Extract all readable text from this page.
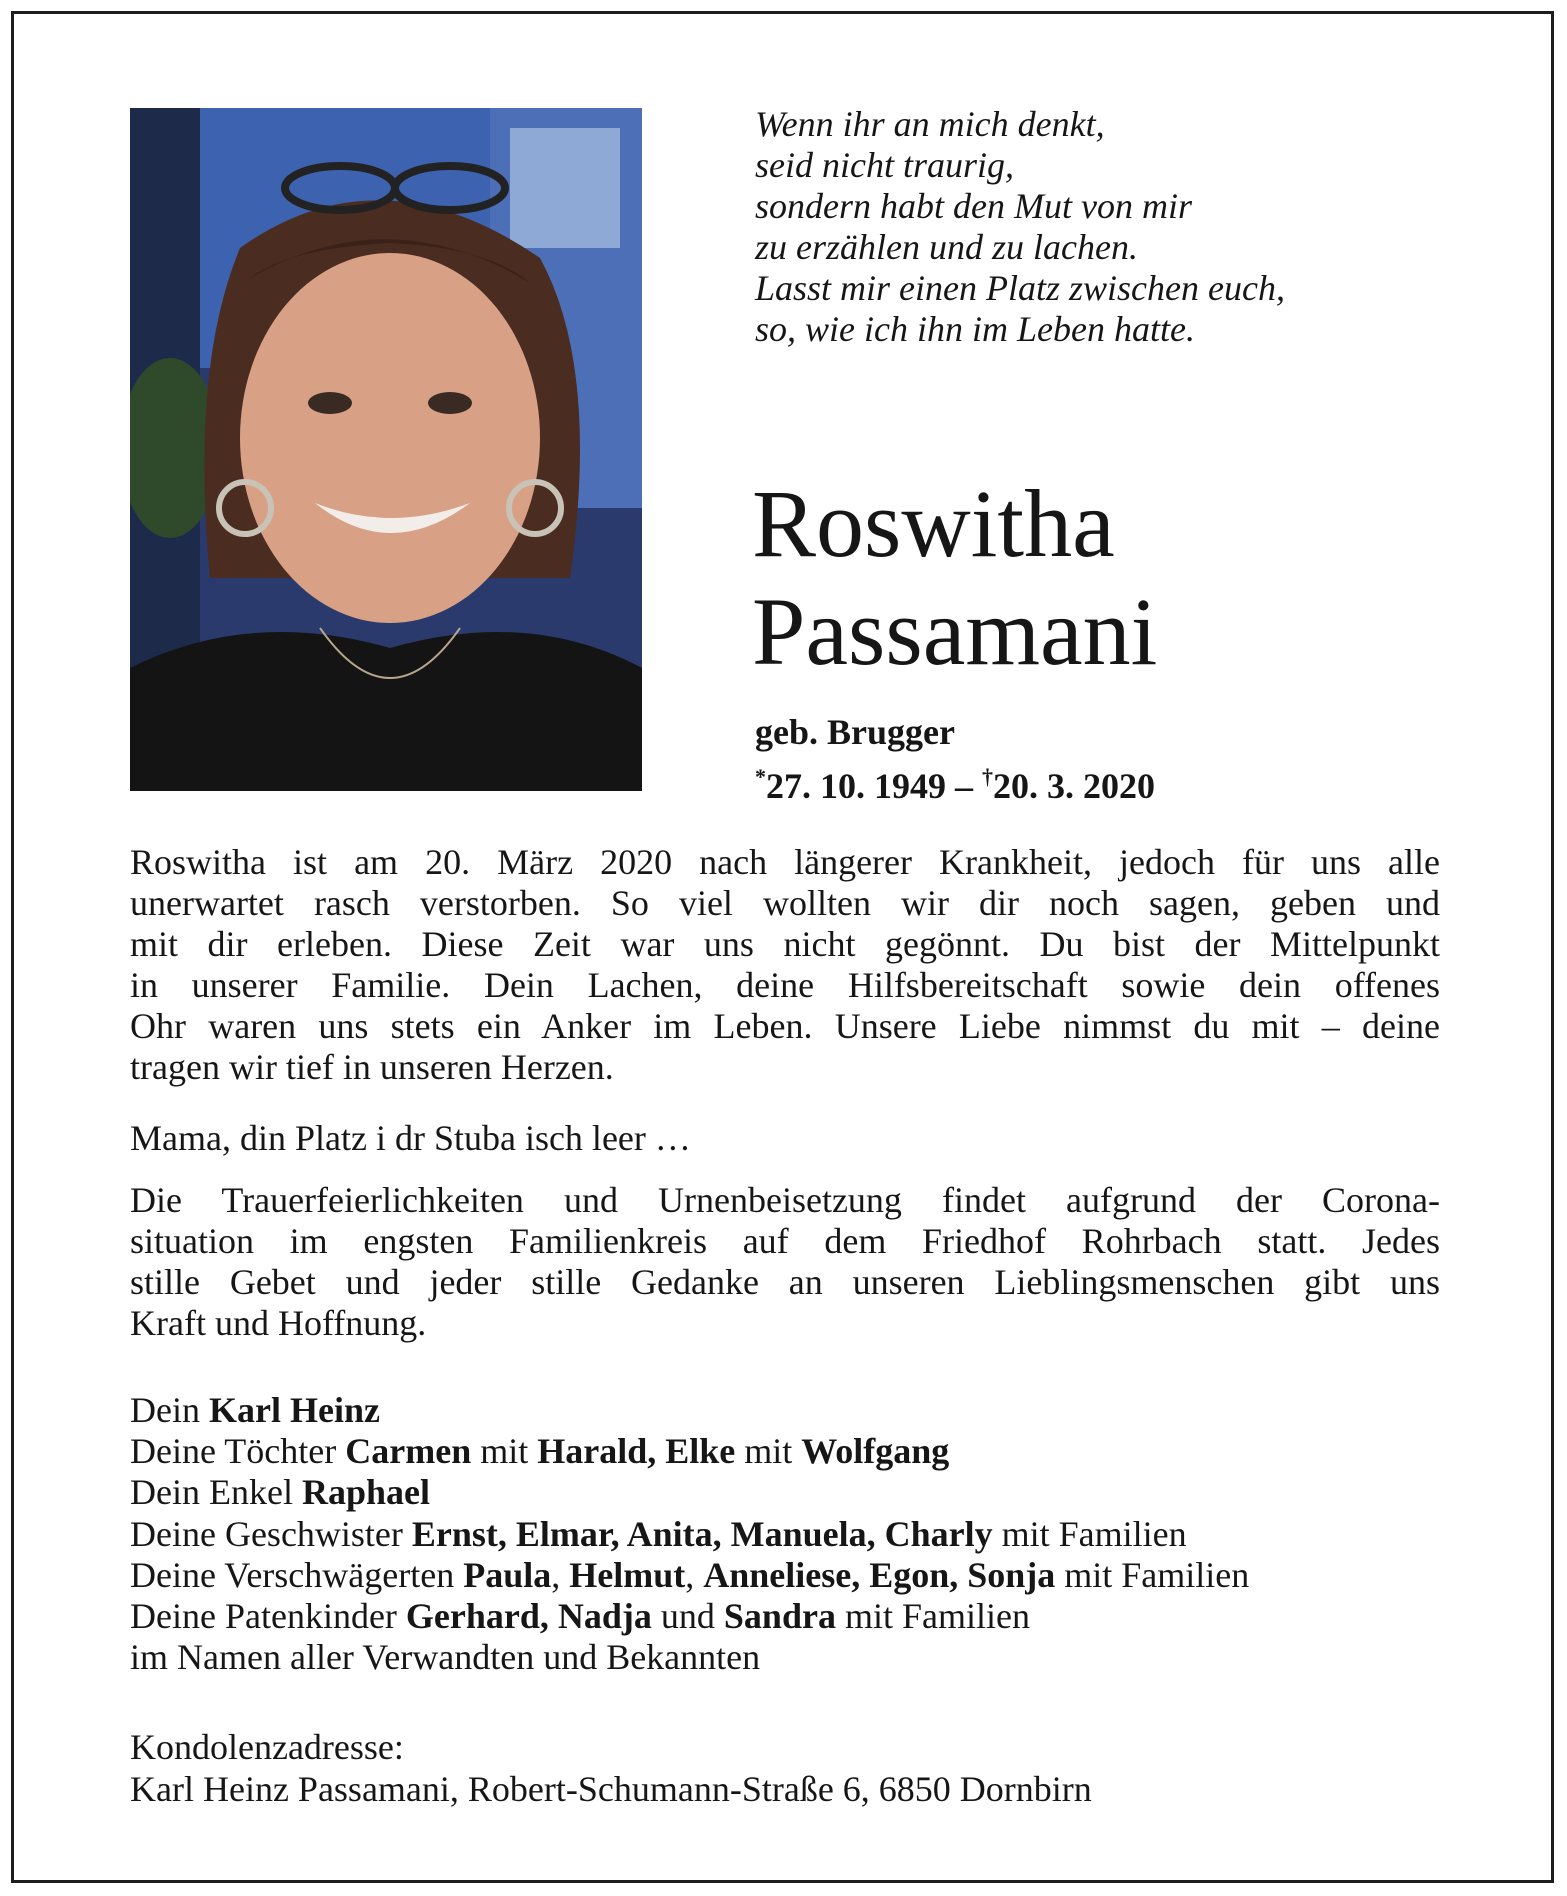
Wenn ihr an mich denkt,
seid nicht traurig,
sondern habt den Mut von mir
zu erzählen und zu lachen.
Lasst mir einen Platz zwischen euch,
so, wie ich ihn im Leben hatte.
Roswitha
Passamani
geb. Brugger
*27. 10. 1949 – †20. 3. 2020
Roswitha ist am 20. März 2020 nach längerer Krankheit, jedoch für uns alle
unerwartet rasch verstorben. So viel wollten wir dir noch sagen, geben und
mit dir erleben. Diese Zeit war uns nicht gegönnt. Du bist der Mittelpunkt
in unserer Familie. Dein Lachen, deine Hilfsbereitschaft sowie dein offenes
Ohr waren uns stets ein Anker im Leben. Unsere Liebe nimmst du mit – deine
tragen wir tief in unseren Herzen.
Mama, din Platz i dr Stuba isch leer …
Die Trauerfeierlichkeiten und Urnenbeisetzung findet aufgrund der Corona-
situation im engsten Familienkreis auf dem Friedhof Rohrbach statt. Jedes
stille Gebet und jeder stille Gedanke an unseren Lieblingsmenschen gibt uns
Kraft und Hoffnung.
Dein Karl Heinz
Deine Töchter Carmen mit Harald, Elke mit Wolfgang
Dein Enkel Raphael
Deine Geschwister Ernst, Elmar, Anita, Manuela, Charly mit Familien
Deine Verschwägerten Paula, Helmut, Anneliese, Egon, Sonja mit Familien
Deine Patenkinder Gerhard, Nadja und Sandra mit Familien
im Namen aller Verwandten und Bekannten
Kondolenzadresse:
Karl Heinz Passamani, Robert-Schumann-Straße 6, 6850 Dornbirn
